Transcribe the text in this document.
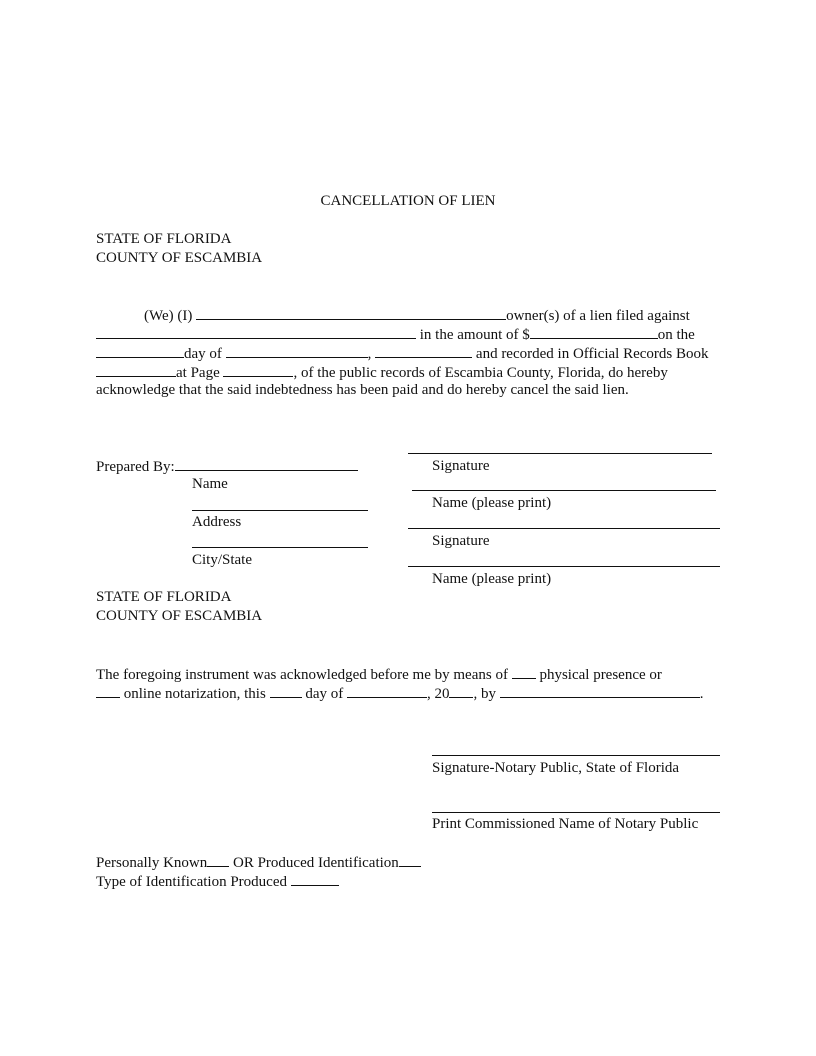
CANCELLATION OF LIEN
STATE OF FLORIDA
COUNTY OF ESCAMBIA
(We) (I)	owner(s) of a lien filed against
in the amount of $	on the
day of	,	and recorded in Official Records Book
at Page	, of the public records of Escambia County, Florida, do hereby
acknowledge that the said indebtedness has been paid and do hereby cancel the said lien.
Prepared By:
Name
Address
City/State
Signature
Name (please print)
Signature
Name (please print)
STATE OF FLORIDA
COUNTY OF ESCAMBIA
The foregoing instrument was acknowledged before me by means of physical presence or
online notarization, this	day of	, 20 , by	.
Signature-Notary Public, State of Florida
Print Commissioned Name of Notary Public
Personally Known OR Produced Identification
Type of Identification Produced
